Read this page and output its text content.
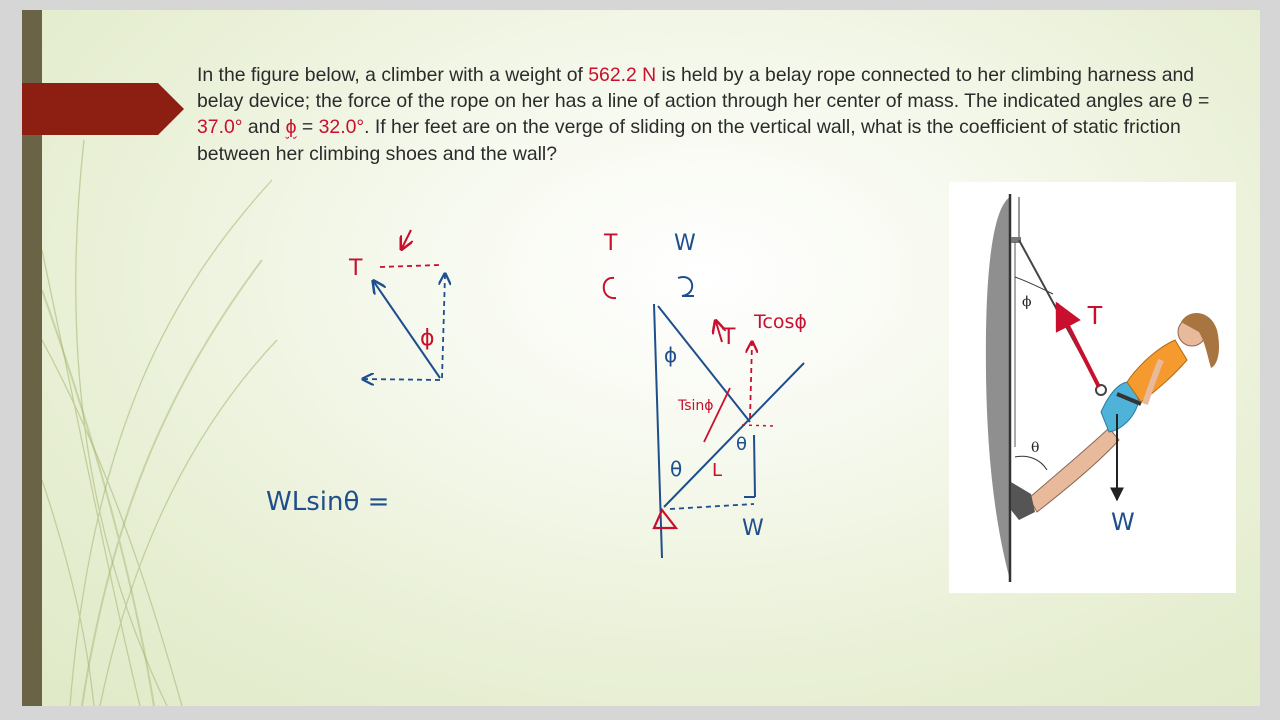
In the figure below, a climber with a weight of 562.2 N is held by a belay rope connected to her climbing harness and belay device; the force of the rope on her has a line of action through her center of mass. The indicated angles are θ = 37.0° and ϕ = 32.0°. If her feet are on the verge of sliding on the vertical wall, what is the coefficient of static friction between her climbing shoes and the wall?

T
ϕ
T	W
T
Tcosϕ
ϕ
Tsinϕ
θ
θ
L
W
WLsinθ =
ϕ T
θ
W
